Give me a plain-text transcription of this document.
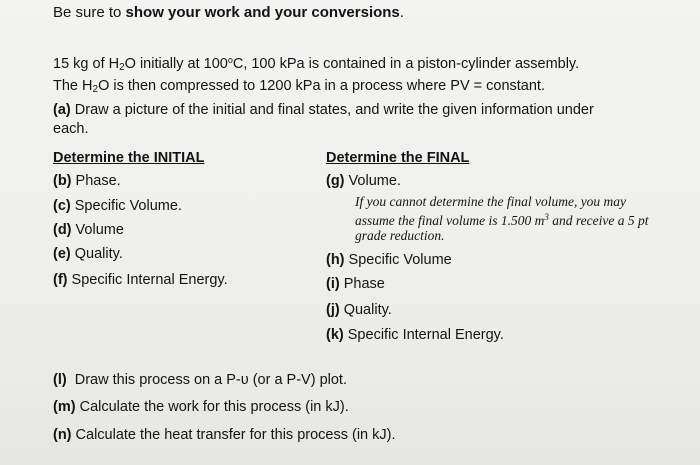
Be sure to show your work and your conversions.
15 kg of $H_2O$ initially at 100$^o$C, 100 kPa is contained in a piston-cylinder assembly.
The $H_2O$ is then compressed to 1200 kPa in a process where PV = constant.
(a) Draw a picture of the initial and final states, and write the given information under
each.
Determine the INITIAL
(b) Phase.
(c) Specific Volume.
(d) Volume
(e) Quality.
(f) Specific Internal Energy.
Determine the FINAL
(g) Volume.
If you cannot determine the final volume, you may assume the final volume is 1.500 $m^3$ and receive a 5 pt grade reduction.
(h) Specific Volume
(i) Phase
(j) Quality.
(k) Specific Internal Energy.
(l) Draw this process on a P-υ (or a P-V) plot.
(m) Calculate the work for this process (in kJ).
(n) Calculate the heat transfer for this process (in kJ).
